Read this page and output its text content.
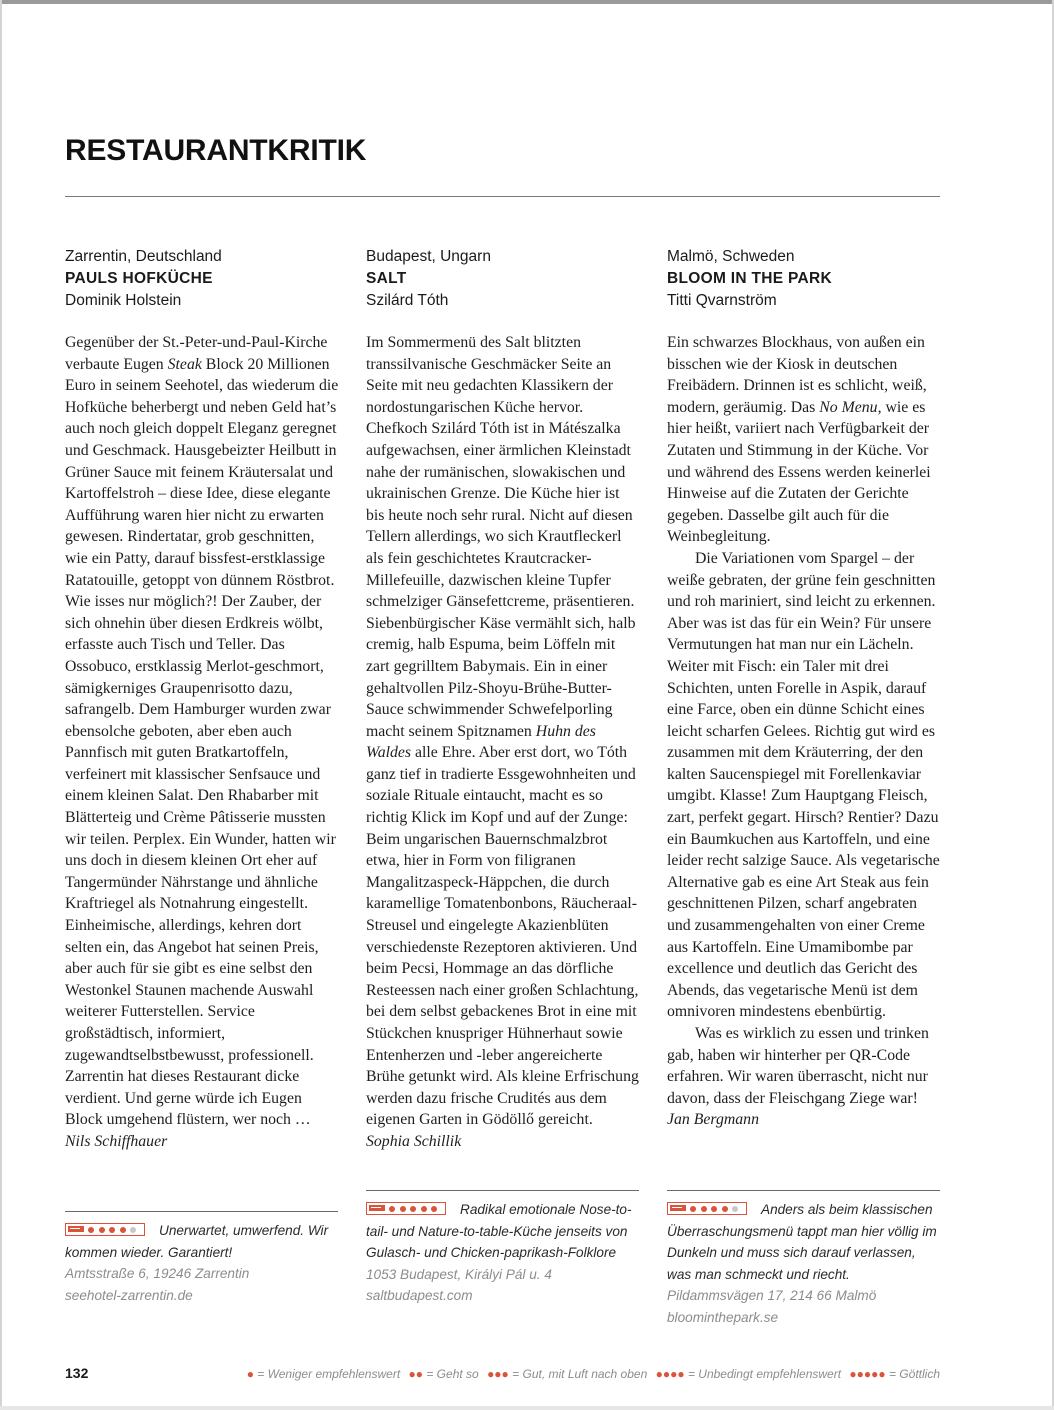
RESTAURANTKRITIK
Zarrentin, Deutschland
PAULS HOFKÜCHE
Dominik Holstein

Gegenüber der St.-Peter-und-Paul-Kirche verbaute Eugen Steak Block 20 Millionen Euro in seinem Seehotel, das wiederum die Hofküche beherbergt und neben Geld hat’s auch noch gleich doppelt Eleganz geregnet und Geschmack. Hausgebeizter Heilbutt in Grüner Sauce mit feinem Kräutersalat und Kartoffelstroh – diese Idee, diese elegante Aufführung waren hier nicht zu erwarten gewesen. Rindertatar, grob geschnitten, wie ein Patty, darauf bissfest-erstklassige Ratatouille, getoppt von dünnem Röstbrot. Wie isses nur möglich?! Der Zauber, der sich ohnehin über diesen Erdkreis wölbt, erfasste auch Tisch und Teller. Das Ossobuco, erstklassig Merlot-geschmort, sämigkerniges Graupenrisotto dazu, safrangelb. Dem Hamburger wurden zwar ebensolche geboten, aber eben auch Pannfisch mit guten Bratkartoffeln, verfeinert mit klassischer Senfsauce und einem kleinen Salat. Den Rhabarber mit Blätterteig und Crème Pâtisserie mussten wir teilen. Perplex. Ein Wunder, hatten wir uns doch in diesem kleinen Ort eher auf Tangermünder Nährstange und ähnliche Kraftriegel als Notnahrung eingestellt. Einheimische, allerdings, kehren dort selten ein, das Angebot hat seinen Preis, aber auch für sie gibt es eine selbst den Westonkel Staunen machende Auswahl weiterer Futterstellen. Service großstädtisch, informiert, zugewandtselbstbewusst, professionell. Zarrentin hat dieses Restaurant dicke verdient. Und gerne würde ich Eugen Block umgehend flüstern, wer noch …

Nils Schiffhauer

Budapest, Ungarn
SALT
Szilárd Tóth

Im Sommermenü des Salt blitzten transsilvanische Geschmäcker Seite an Seite mit neu gedachten Klassikern der nordostungarischen Küche hervor. Chefkoch Szilárd Tóth ist in Mátészalka aufgewachsen, einer ärmlichen Kleinstadt nahe der rumänischen, slowakischen und ukrainischen Grenze. Die Küche hier ist bis heute noch sehr rural. Nicht auf diesen Tellern allerdings, wo sich Krautfleckerl als fein geschichtetes Krautcracker-Millefeuille, dazwischen kleine Tupfer schmelziger Gänsefettcreme, präsentieren. Siebenbürgischer Käse vermählt sich, halb cremig, halb Espuma, beim Löffeln mit zart gegrilltem Babymais. Ein in einer gehaltvollen Pilz-Shoyu-Brühe-Butter-Sauce schwimmender Schwefelporling macht seinem Spitznamen Huhn des Waldes alle Ehre. Aber erst dort, wo Tóth ganz tief in tradierte Essgewohnheiten und soziale Rituale eintaucht, macht es so richtig Klick im Kopf und auf der Zunge: Beim ungarischen Bauernschmalzbrot etwa, hier in Form von filigranen Mangalitzaspeck-Häppchen, die durch karamellige Tomatenbonbons, Räucheraal-Streusel und eingelegte Akazienblüten verschiedenste Rezeptoren aktivieren. Und beim Pecsi, Hommage an das dörfliche Resteessen nach einer großen Schlachtung, bei dem selbst gebackenes Brot in eine mit Stückchen knuspriger Hühnerhaut sowie Entenherzen und -leber angereicherte Brühe getunkt wird. Als kleine Erfrischung werden dazu frische Crudités aus dem eigenen Garten in Gödöllő gereicht.

Sophia Schillik

Malmö, Schweden
BLOOM IN THE PARK
Titti Qvarnström

Ein schwarzes Blockhaus, von außen ein bisschen wie der Kiosk in deutschen Freibädern. Drinnen ist es schlicht, weiß, modern, geräumig. Das No Menu, wie es hier heißt, variiert nach Verfügbarkeit der Zutaten und Stimmung in der Küche. Vor und während des Essens werden keinerlei Hinweise auf die Zutaten der Gerichte gegeben. Dasselbe gilt auch für die Weinbegleitung.

Die Variationen vom Spargel – der weiße gebraten, der grüne fein geschnitten und roh mariniert, sind leicht zu erkennen. Aber was ist das für ein Wein? Für unsere Vermutungen hat man nur ein Lächeln. Weiter mit Fisch: ein Taler mit drei Schichten, unten Forelle in Aspik, darauf eine Farce, oben ein dünne Schicht eines leicht scharfen Gelees. Richtig gut wird es zusammen mit dem Kräuterring, der den kalten Saucenspiegel mit Forellenkaviar umgibt. Klasse! Zum Hauptgang Fleisch, zart, perfekt gegart. Hirsch? Rentier? Dazu ein Baumkuchen aus Kartoffeln, und eine leider recht salzige Sauce. Als vegetarische Alternative gab es eine Art Steak aus fein geschnittenen Pilzen, scharf angebraten und zusammengehalten von einer Creme aus Kartoffeln. Eine Umamibombe par excellence und deutlich das Gericht des Abends, das vegetarische Menü ist dem omnivoren mindestens ebenbürtig.

Was es wirklich zu essen und trinken gab, haben wir hinterher per QR-Code erfahren. Wir waren überrascht, nicht nur davon, dass der Fleischgang Ziege war!

Jan Bergmann

Unerwartet, umwerfend. Wir kommen wieder. Garantiert!
Amtsstraße 6, 19246 Zarrentin
seehotel-zarrentin.de
Radikal emotionale Nose-to-tail- und Nature-to-table-Küche jenseits von Gulasch- und Chicken-paprikash-Folklore
1053 Budapest, Királyi Pál u. 4
saltbudapest.com
Anders als beim klassischen Überraschungsmenü tappt man hier völlig im Dunkeln und muss sich darauf verlassen, was man schmeckt und riecht.
Pildammsvägen 17, 214 66 Malmö
bloominthepark.se
132	● = Weniger empfehlenswert ●● = Geht so ●●● = Gut, mit Luft nach oben ●●●● = Unbedingt empfehlenswert ●●●●● = Göttlich
